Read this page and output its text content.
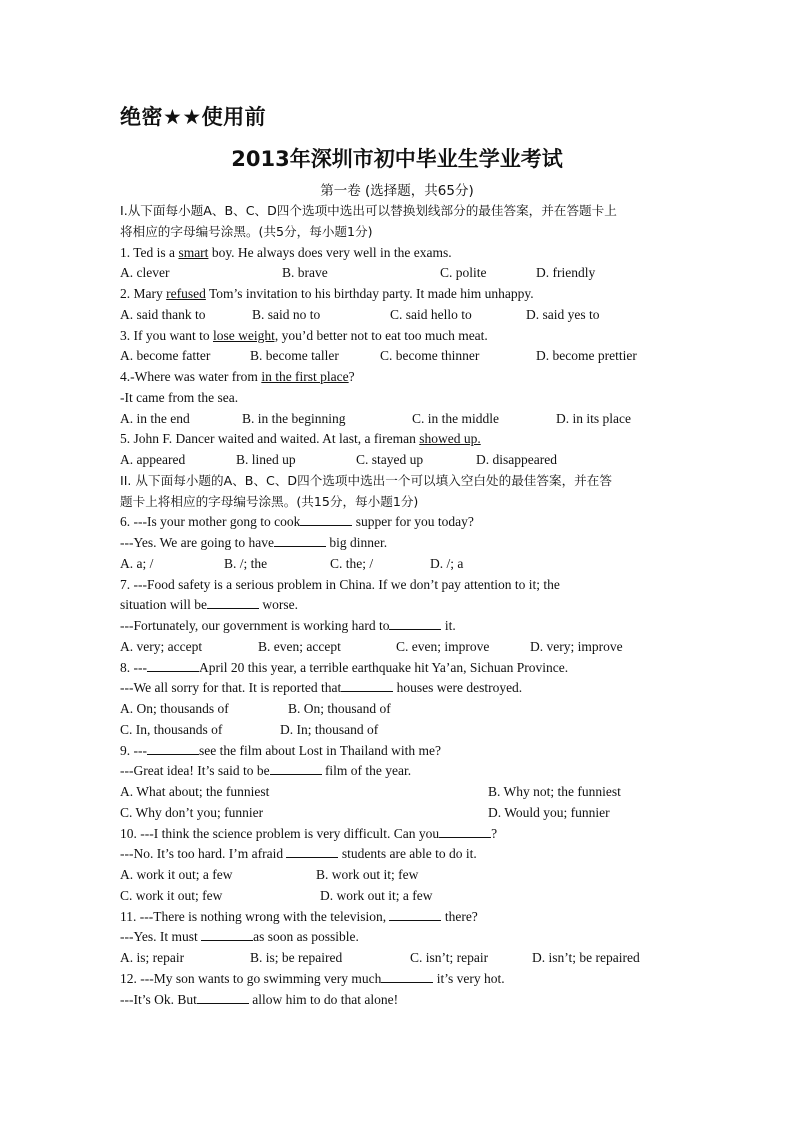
绝密★★使用前
2013年深圳市初中毕业生学业考试
第一卷 (选择题，共65分)
I.从下面每小题A、B、C、D四个选项中选出可以替换划线部分的最佳答案，并在答题卡上
将相应的字母编号涂黑。(共5分，每小题1分)
1. Ted is a smart boy. He always does very well in the exams.
A. clever	B. brave	C. polite	D. friendly
2. Mary refused Tom’s invitation to his birthday party. It made him unhappy.
A. said thank to	B. said no to	C. said hello to	D. said yes to
3. If you want to lose weight, you’d better not to eat too much meat.
A. become fatter	B. become taller	C. become thinner	D. become prettier
4.-Where was water from in the first place?
-It came from the sea.
A. in the end	B. in the beginning	C. in the middle	D. in its place
5. John F. Dancer waited and waited. At last, a fireman showed up.
A. appeared	B. lined up	C. stayed up	D. disappeared
II. 从下面每小题的A、B、C、D四个选项中选出一个可以填入空白处的最佳答案，并在答
题卡上将相应的字母编号涂黑。(共15分，每小题1分)
6. ---Is your mother gong to cook	supper for you today?
---Yes. We are going to have	big dinner.
A. a; /	B. /; the	C. the; /	D. /; a
7. ---Food safety is a serious problem in China. If we don’t pay attention to it; the
situation will be	worse.
---Fortunately, our government is working hard to	it.
A. very; accept	B. even; accept	C. even; improve	D. very; improve
8. ---	April 20 this year, a terrible earthquake hit Ya’an, Sichuan Province.
---We all sorry for that. It is reported that	houses were destroyed.
A. On; thousands of	B. On; thousand of
C. In, thousands of	D. In; thousand of
9. ---	see the film about Lost in Thailand with me?
---Great idea! It’s said to be	film of the year.
A. What about; the funniest	B. Why not; the funniest
C. Why don’t you; funnier	D. Would you; funnier
10. ---I think the science problem is very difficult. Can you	?
---No. It’s too hard. I’m afraid	students are able to do it.
A. work it out; a few	B. work out it; few
C. work it out; few	D. work out it; a few
11. ---There is nothing wrong with the television,	there?
---Yes. It must	as soon as possible.
A. is; repair	B. is; be repaired	C. isn’t; repair	D. isn’t; be repaired
12. ---My son wants to go swimming very much	it’s very hot.
---It’s Ok. But	allow him to do that alone!
